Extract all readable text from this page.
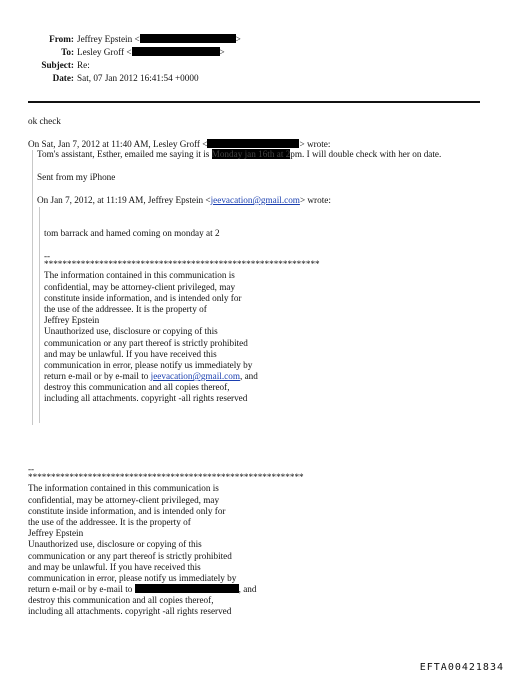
From: Jeffrey Epstein <	>
To: Lesley Groff <	>
Subject: Re:
Date: Sat, 07 Jan 2012 16:41:54 +0000
ok check
On Sat, Jan 7, 2012 at 11:40 AM, Lesley Groff <	> wrote:
Tom's assistant, Esther, emailed me saying it is Monday jan 16th at 2pm. I will double check with her on date.
Sent from my iPhone
On Jan 7, 2012, at 11:19 AM, Jeffrey Epstein <jeevacation@gmail.com> wrote:
tom barrack and hamed coming on monday at 2
--
************************************************************
The information contained in this communication is
confidential, may be attorney-client privileged, may
constitute inside information, and is intended only for
the use of the addressee. It is the property of
Jeffrey Epstein
Unauthorized use, disclosure or copying of this
communication or any part thereof is strictly prohibited
and may be unlawful. If you have received this
communication in error, please notify us immediately by
return e-mail or by e-mail to jeevacation@gmail.com, and
destroy this communication and all copies thereof,
including all attachments. copyright -all rights reserved
--
************************************************************
The information contained in this communication is
confidential, may be attorney-client privileged, may
constitute inside information, and is intended only for
the use of the addressee. It is the property of
Jeffrey Epstein
Unauthorized use, disclosure or copying of this
communication or any part thereof is strictly prohibited
and may be unlawful. If you have received this
communication in error, please notify us immediately by
return e-mail or by e-mail to	, and
destroy this communication and all copies thereof,
including all attachments. copyright -all rights reserved
EFTA00421834
